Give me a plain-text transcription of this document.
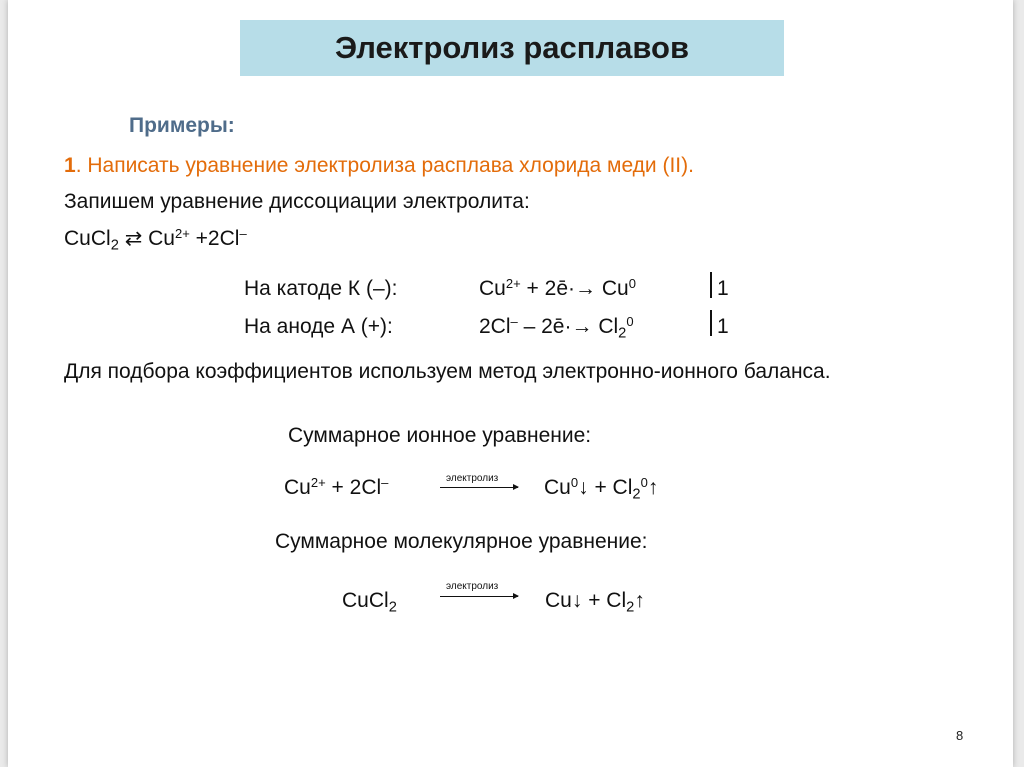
Электролиз расплавов
Примеры:
1. Написать уравнение электролиза расплава хлорида меди (II).
Запишем уравнение диссоциации электролита:
CuCl$_2$ ⇄ $Cu^{2+} +2Cl^-$
На катоде К (–):	$Cu^{2+}$ + 2ē·→ $Cu^0$	1
На аноде А (+):	2Cl– – 2ē·→ $Cl_2^0$	1
Для подбора коэффициентов используем метод электронно-ионного баланса.
Суммарное ионное уравнение:
$Cu^{2+} + 2Cl^-$	электролиз $Cu^0↓$ + $Cl_2^0↑$
Суммарное молекулярное уравнение:
CuCl$_2$
электролиз
Cu↓ + $Cl_2↑$
8
